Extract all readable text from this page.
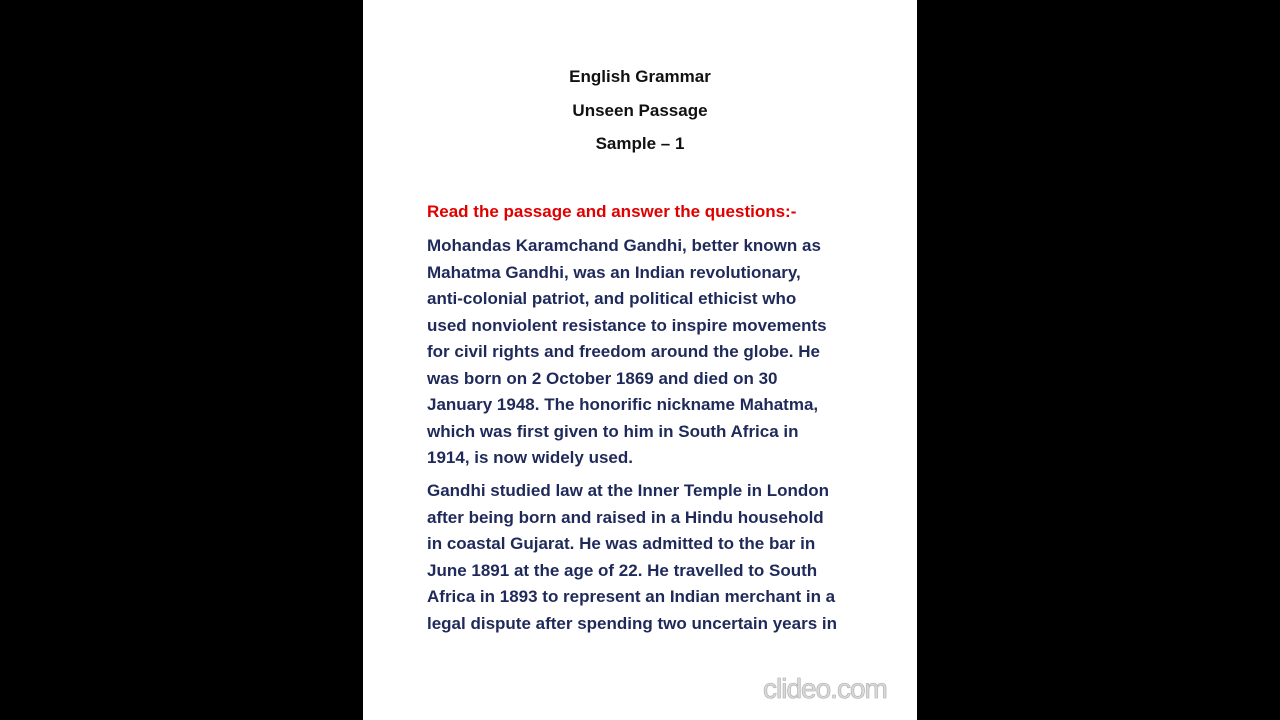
English Grammar
Unseen Passage
Sample – 1
Read the passage and answer the questions:-
Mohandas Karamchand Gandhi, better known as
Mahatma Gandhi, was an Indian revolutionary,
anti-colonial patriot, and political ethicist who
used nonviolent resistance to inspire movements
for civil rights and freedom around the globe. He
was born on 2 October 1869 and died on 30
January 1948. The honorific nickname Mahatma,
which was first given to him in South Africa in
1914, is now widely used.
Gandhi studied law at the Inner Temple in London
after being born and raised in a Hindu household
in coastal Gujarat. He was admitted to the bar in
June 1891 at the age of 22. He travelled to South
Africa in 1893 to represent an Indian merchant in a
legal dispute after spending two uncertain years in
clideo.com
